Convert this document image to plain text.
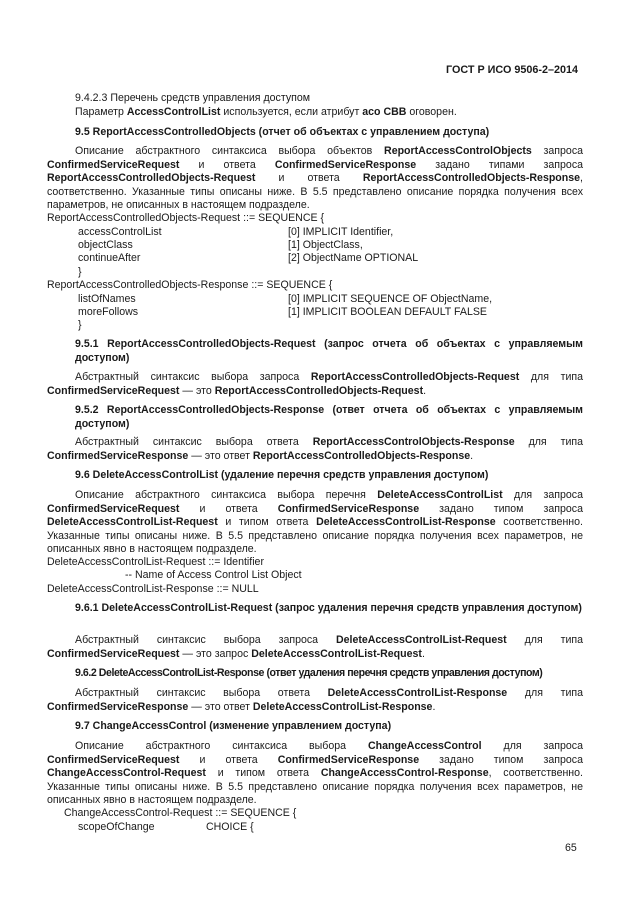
ГОСТ Р ИСО 9506-2–2014

9.4.2.3 Перечень средств управления доступом

Параметр AccessControlList используется, если атрибут aco CBB оговорен.

9.5 ReportAccessControlledObjects (отчет об объектах с управлением доступа)

Описание абстрактного синтаксиса выбора объектов ReportAccessControlObjects запроса ConfirmedServiceRequest и ответа ConfirmedServiceResponse задано типами запроса ReportAccessControlledObjects-Request и ответа ReportAccessControlledObjects-Response, соответственно. Указанные типы описаны ниже. В 5.5 представлено описание порядка получения всех параметров, не описанных в настоящем подразделе.

ReportAccessControlledObjects-Request ::= SEQUENCE {

accessControlList	[0] IMPLICIT Identifier,

objectClass	[1] ObjectClass,

continueAfter	[2] ObjectName OPTIONAL

}

ReportAccessControlledObjects-Response ::= SEQUENCE {

listOfNames	[0] IMPLICIT SEQUENCE OF ObjectName,

moreFollows	[1] IMPLICIT BOOLEAN DEFAULT FALSE

}

9.5.1 ReportAccessControlledObjects-Request (запрос отчета об объектах с управляемым доступом)

Абстрактный синтаксис выбора запроса ReportAccessControlledObjects-Request для типа ConfirmedServiceRequest — это ReportAccessControlledObjects-Request.

9.5.2 ReportAccessControlledObjects-Response (ответ отчета об объектах с управляемым доступом)

Абстрактный синтаксис выбора ответа ReportAccessControlObjects-Response для типа ConfirmedServiceResponse — это ответ ReportAccessControlledObjects-Response.

9.6 DeleteAccessControlList (удаление перечня средств управления доступом)

Описание абстрактного синтаксиса выбора перечня DeleteAccessControlList для запроса ConfirmedServiceRequest и ответа ConfirmedServiceResponse задано типом запроса DeleteAccessControlList-Request и типом ответа DeleteAccessControlList-Response соответственно. Указанные типы описаны ниже. В 5.5 представлено описание порядка получения всех параметров, не описанных явно в настоящем подразделе.

DeleteAccessControlList-Request ::= Identifier

-- Name of Access Control List Object

DeleteAccessControlList-Response ::= NULL

9.6.1 DeleteAccessControlList-Request (запрос удаления перечня средств управления доступом)

Абстрактный синтаксис выбора запроса DeleteAccessControlList-Request для типа ConfirmedServiceRequest — это запрос DeleteAccessControlList-Request.

9.6.2 DeleteAccessControlList-Response (ответ удаления перечня средств управления доступом)

Абстрактный синтаксис выбора ответа DeleteAccessControlList-Response для типа ConfirmedServiceResponse — это ответ DeleteAccessControlList-Response.

9.7 ChangeAccessControl (изменение управлением доступа)

Описание абстрактного синтаксиса выбора ChangeAccessControl для запроса ConfirmedServiceRequest и ответа ConfirmedServiceResponse задано типом запроса ChangeAccessControl-Request и типом ответа ChangeAccessControl-Response, соответственно. Указанные типы описаны ниже. В 5.5 представлено описание порядка получения всех параметров, не описанных явно в настоящем подразделе.

ChangeAccessControl-Request ::= SEQUENCE {

scopeOfChange	CHOICE {

65
